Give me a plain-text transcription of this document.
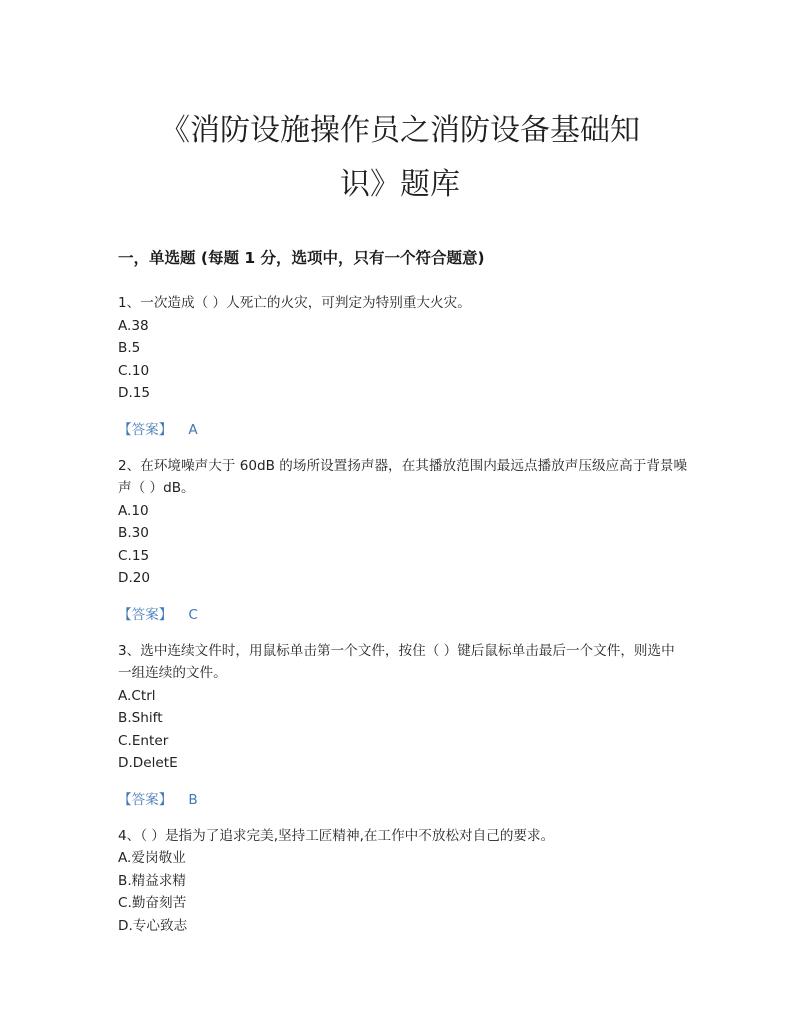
《消防设施操作员之消防设备基础知
识》题库
一，单选题 (每题 1 分，选项中，只有一个符合题意)

1、一次造成（ ）人死亡的火灾，可判定为特别重大火灾。

A.38

B.5

C.10

D.15

【答案】 A

2、在环境噪声大于 60dB 的场所设置扬声器，在其播放范围内最远点播放声压级应高于背景噪声（ ）dB。

A.10

B.30

C.15

D.20

【答案】 C

3、选中连续文件时，用鼠标单击第一个文件，按住（ ）键后鼠标单击最后一个文件，则选中一组连续的文件。

A.Ctrl

B.Shift

C.Enter

D.DeletE

【答案】 B

4、（ ）是指为了追求完美,坚持工匠精神,在工作中不放松对自己的要求。

A.爱岗敬业

B.精益求精

C.勤奋刻苦

D.专心致志
